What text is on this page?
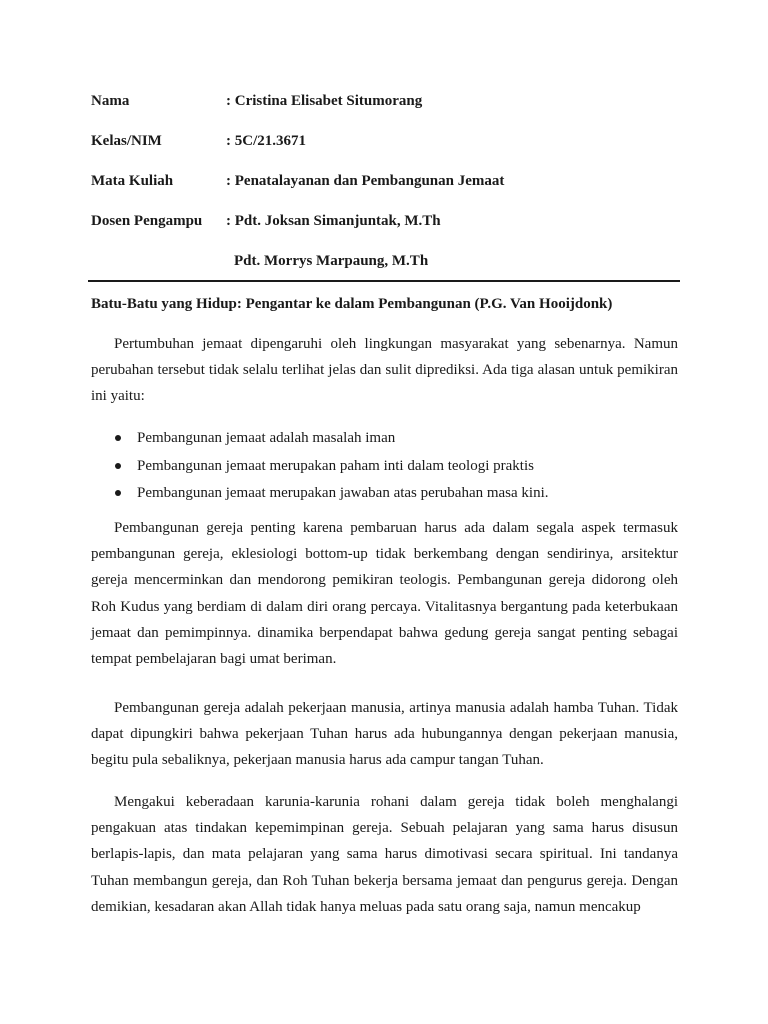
Nama	: Cristina Elisabet Situmorang
Kelas/NIM	: 5C/21.3671
Mata Kuliah	: Penatalayanan dan Pembangunan Jemaat
Dosen Pengampu : Pdt. Joksan Simanjuntak, M.Th
Pdt. Morrys Marpaung, M.Th
Batu-Batu yang Hidup: Pengantar ke dalam Pembangunan (P.G. Van Hooijdonk)

Pertumbuhan jemaat dipengaruhi oleh lingkungan masyarakat yang sebenarnya. Namun perubahan tersebut tidak selalu terlihat jelas dan sulit diprediksi. Ada tiga alasan untuk pemikiran ini yaitu:

Pembangunan jemaat adalah masalah iman
Pembangunan jemaat merupakan paham inti dalam teologi praktis
Pembangunan jemaat merupakan jawaban atas perubahan masa kini.

Pembangunan gereja penting karena pembaruan harus ada dalam segala aspek termasuk pembangunan gereja, eklesiologi bottom-up tidak berkembang dengan sendirinya, arsitektur gereja mencerminkan dan mendorong pemikiran teologis. Pembangunan gereja didorong oleh Roh Kudus yang berdiam di dalam diri orang percaya. Vitalitasnya bergantung pada keterbukaan jemaat dan pemimpinnya. dinamika berpendapat bahwa gedung gereja sangat penting sebagai tempat pembelajaran bagi umat beriman.

Pembangunan gereja adalah pekerjaan manusia, artinya manusia adalah hamba Tuhan. Tidak dapat dipungkiri bahwa pekerjaan Tuhan harus ada hubungannya dengan pekerjaan manusia, begitu pula sebaliknya, pekerjaan manusia harus ada campur tangan Tuhan.

Mengakui keberadaan karunia-karunia rohani dalam gereja tidak boleh menghalangi pengakuan atas tindakan kepemimpinan gereja. Sebuah pelajaran yang sama harus disusun berlapis-lapis, dan mata pelajaran yang sama harus dimotivasi secara spiritual. Ini tandanya Tuhan membangun gereja, dan Roh Tuhan bekerja bersama jemaat dan pengurus gereja. Dengan demikian, kesadaran akan Allah tidak hanya meluas pada satu orang saja, namun mencakup
